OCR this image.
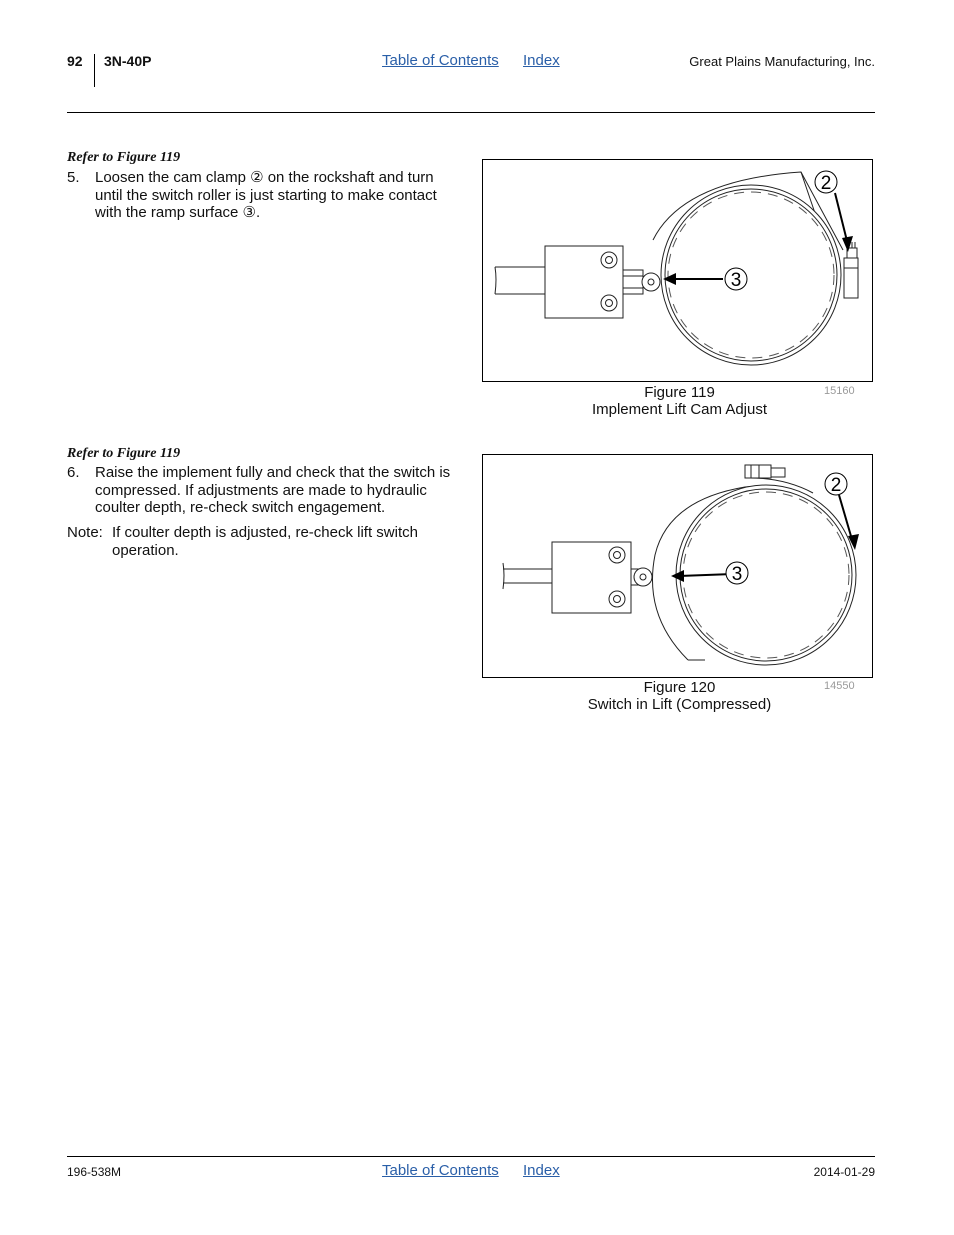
92 3N-40P	Table of Contents Index	Great Plains Manufacturing, Inc.
Refer to Figure 119
5. Loosen the cam clamp ② on the rockshaft and turn until the switch roller is just starting to make contact with the ramp surface ③.
2
3
Figure 119
Implement Lift Cam Adjust
15160
Refer to Figure 119
6. Raise the implement fully and check that the switch is compressed. If adjustments are made to hydraulic coulter depth, re-check switch engagement.
Note: If coulter depth is adjusted, re-check lift switch operation.
2
3
Figure 120
Switch in Lift (Compressed)
14550
196-538M	Table of Contents Index	2014-01-29
